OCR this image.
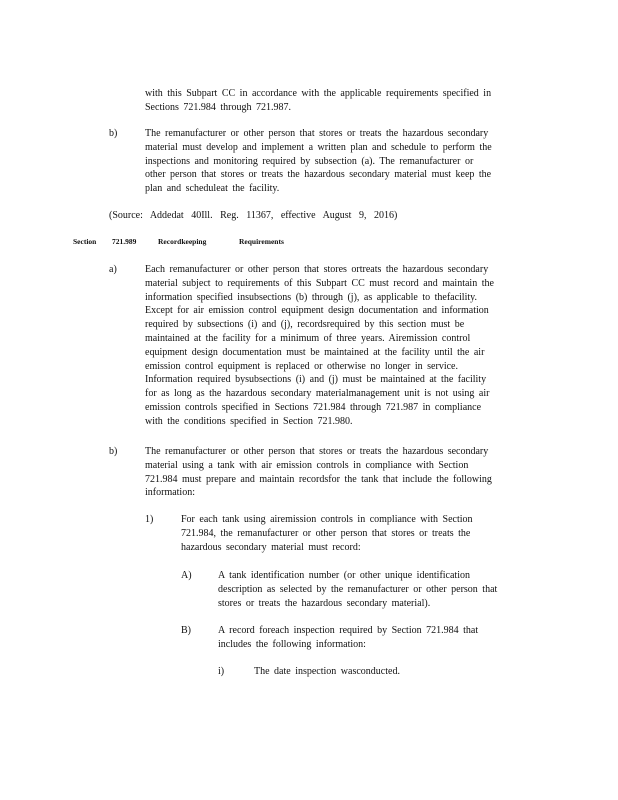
with this Subpart CC in accordance with the applicable requirements specified in
Sections 721.984 through 721.987.
b)	The remanufacturer or other person that stores or treats the hazardous secondary
material must develop and implement a written plan and schedule to perform the
inspections and monitoring required by subsection (a). The remanufacturer or
other person that stores or treats the hazardous secondary material must keep the
plan and scheduleat the facility.
(Source: Addedat 40Ill. Reg. 11367, effective August 9, 2016)
Section 721.989	Recordkeeping	Requirements
a)	Each remanufacturer or other person that stores ortreats the hazardous secondary
material subject to requirements of this Subpart CC must record and maintain the
information specified insubsections (b) through (j), as applicable to thefacility.
Except for air emission control equipment design documentation and information
required by subsections (i) and (j), recordsrequired by this section must be
maintained at the facility for a minimum of three years. Airemission control
equipment design documentation must be maintained at the facility until the air
emission control equipment is replaced or otherwise no longer in service.
Information required bysubsections (i) and (j) must be maintained at the facility
for as long as the hazardous secondary materialmanagement unit is not using air
emission controls specified in Sections 721.984 through 721.987 in compliance
with the conditions specified in Section 721.980.
b)	The remanufacturer or other person that stores or treats the hazardous secondary
material using a tank with air emission controls in compliance with Section
721.984 must prepare and maintain recordsfor the tank that include the following
information:
1)	For each tank using airemission controls in compliance with Section
721.984, the remanufacturer or other person that stores or treats the
hazardous secondary material must record:
A)	A tank identification number (or other unique identification
description as selected by the remanufacturer or other person that
stores or treats the hazardous secondary material).
B)	A record foreach inspection required by Section 721.984 that
includes the following information:
i)	The date inspection wasconducted.
